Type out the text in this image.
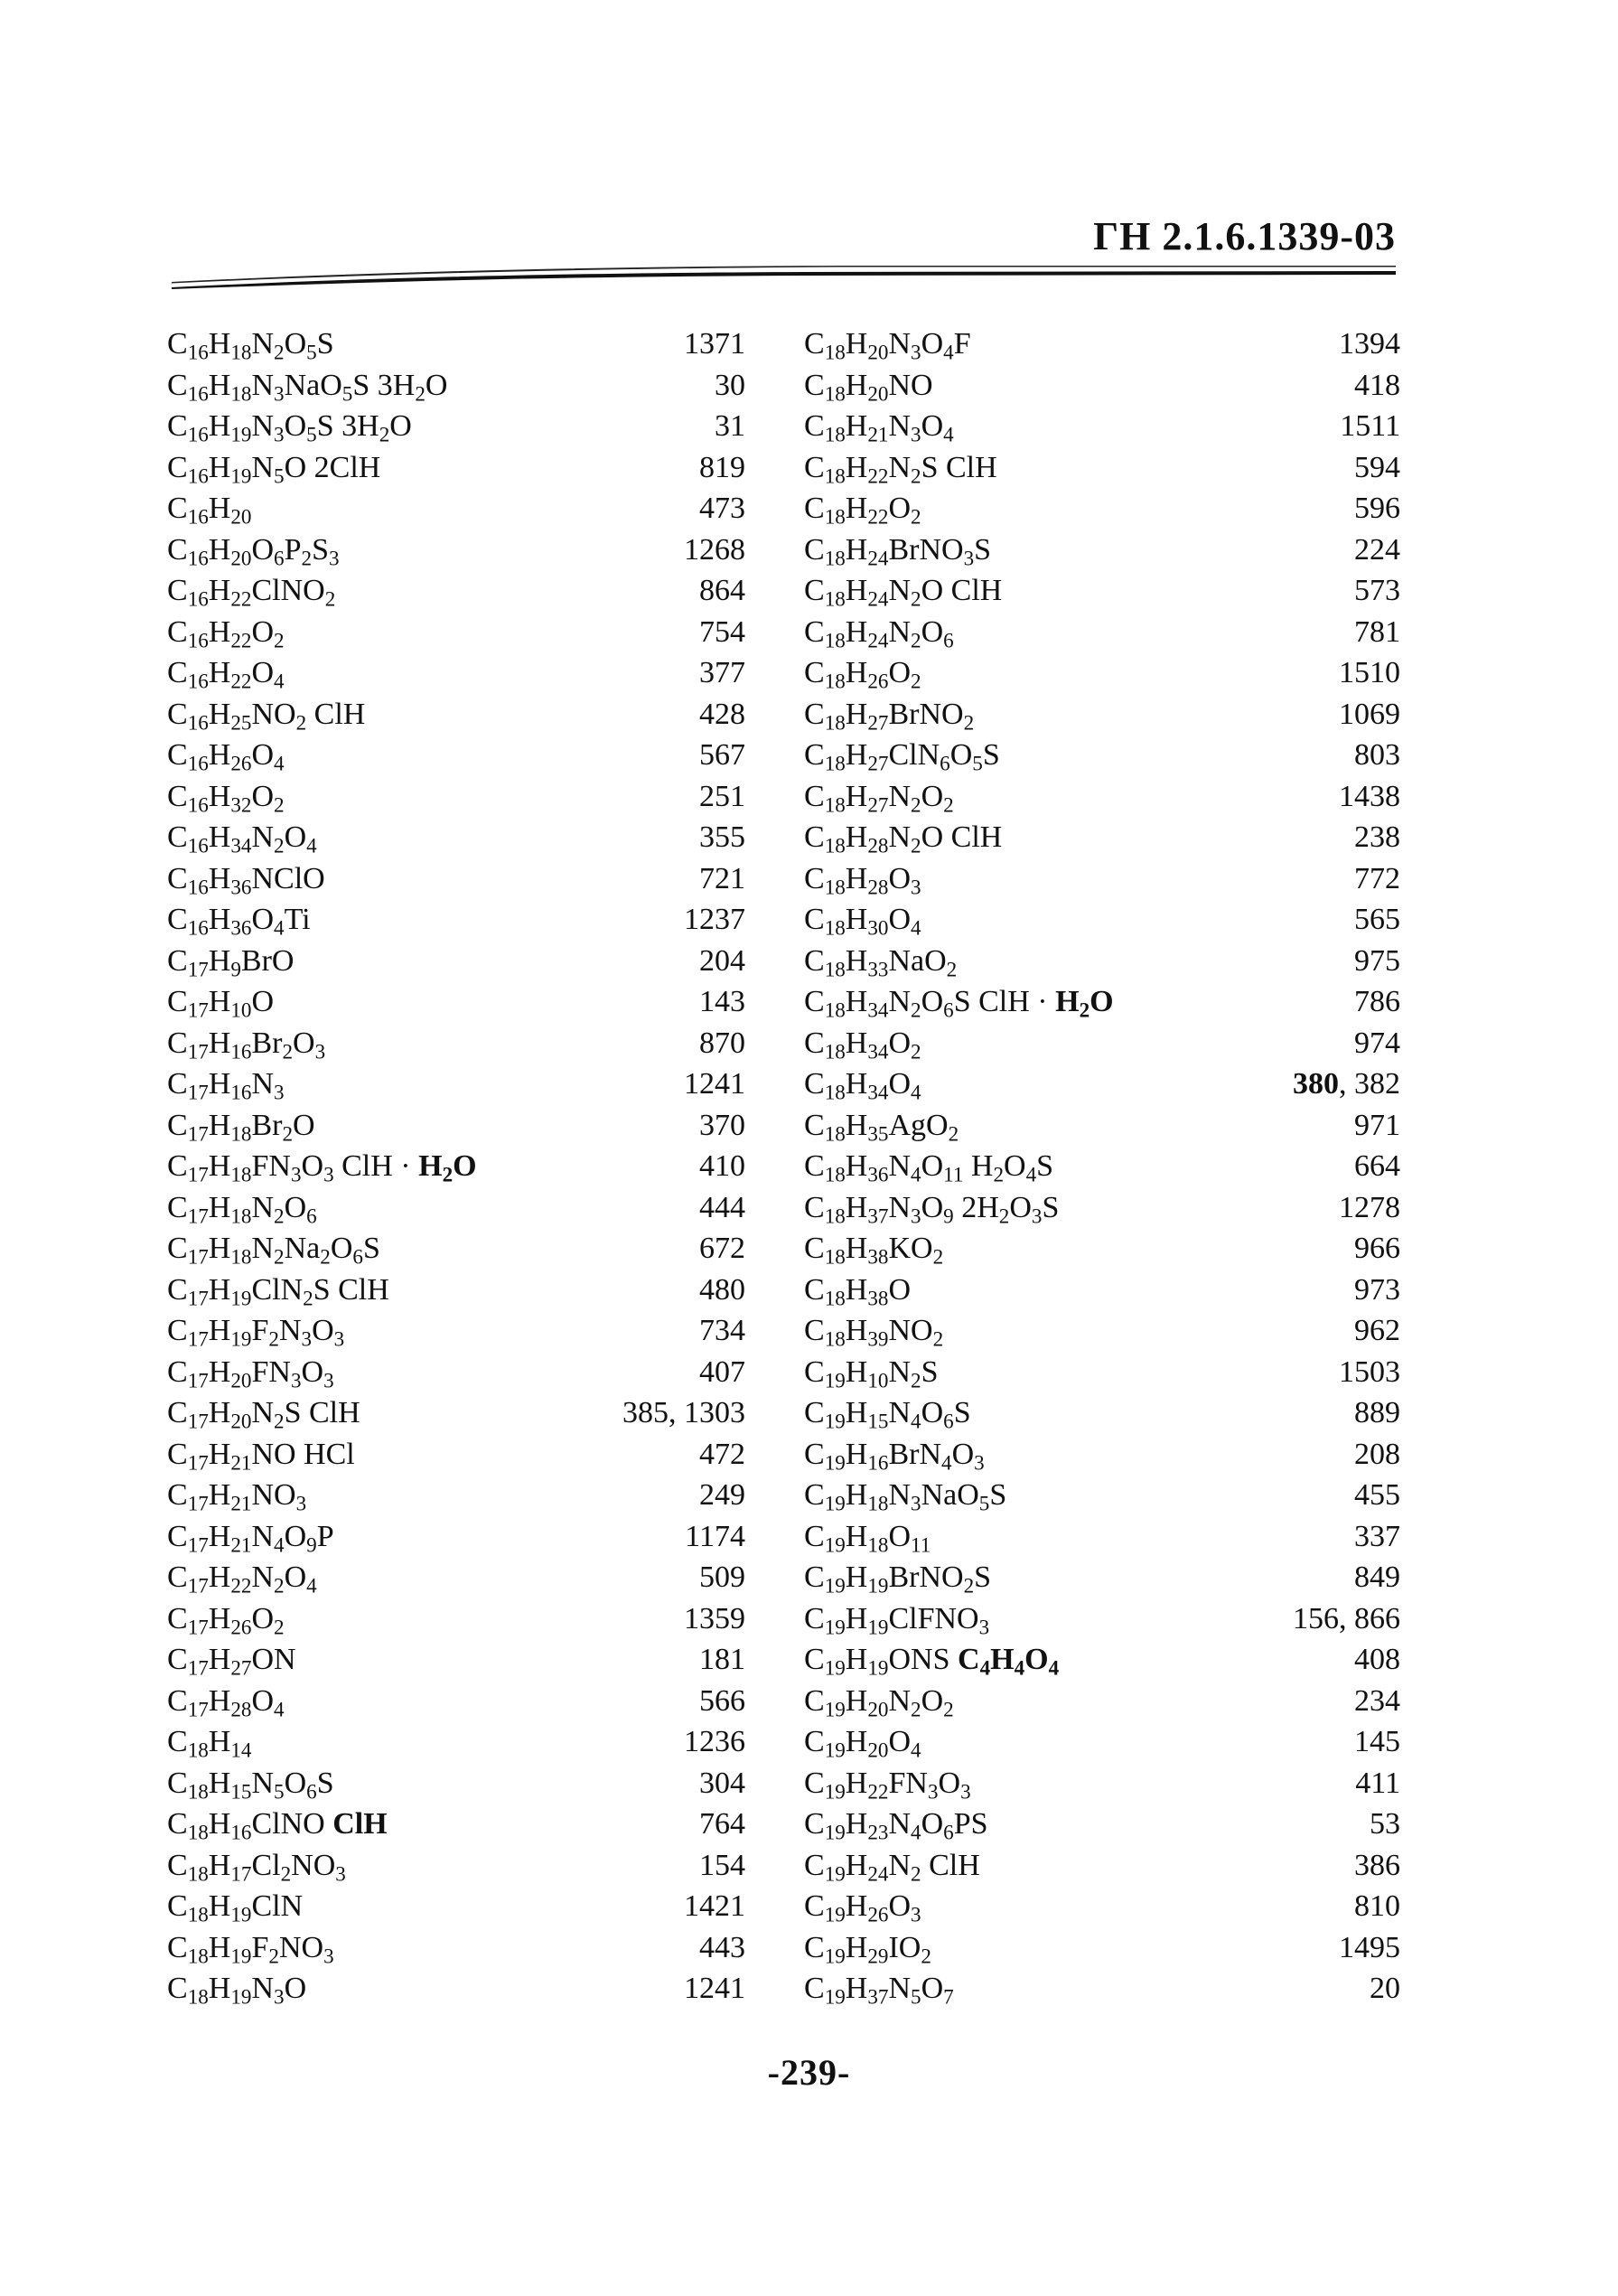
ГН 2.1.6.1339-03
$C_{16}H_{18}N_2O_5S$	1371
$C_{16}H_{18}N_3NaO_5S$ $3H_2O$	30
$C_{16}H_{19}N_3O_5S$ $3H_2O$	31
$C_{16}H_{19}N_5O$ 2ClH	819
$C_{16}H_{20}$	473
$C_{16}H_{20}O_6P_2S_3$	1268
$C_{16}H_{22}ClNO_2$	864
$C_{16}H_{22}O_2$	754
$C_{16}H_{22}O_4$	377
$C_{16}H_{25}NO_2$ ClH	428
$C_{16}H_{26}O_4$	567
$C_{16}H_{32}O_2$	251
$C_{16}H_{34}N_2O_4$	355
$C_{16}H_{36}NClO$	721
$C_{16}H_{36}O_4Ti$	1237
$C_{17}H_9BrO$	204
$C_{17}H_{10}O$	143
$C_{17}H_{16}Br_2O_3$	870
$C_{17}H_{16}N_3$	1241
$C_{17}H_{18}Br_2O$	370
$C_{17}H_{18}FN_3O_3$ ClH · $H_2O$	410
$C_{17}H_{18}N_2O_6$	444
$C_{17}H_{18}N_2Na_2O_6S$	672
$C_{17}H_{19}ClN_2S$ ClH	480
$C_{17}H_{19}F_2N_3O_3$	734
$C_{17}H_{20}FN_3O_3$	407
$C_{17}H_{20}N_2S$ ClH	385, 1303
$C_{17}H_{21}NO$ HCl	472
$C_{17}H_{21}NO_3$	249
$C_{17}H_{21}N_4O_9P$	1174
$C_{17}H_{22}N_2O_4$	509
$C_{17}H_{26}O_2$	1359
$C_{17}H_{27}ON$	181
$C_{17}H_{28}O_4$	566
$C_{18}H_{14}$	1236
$C_{18}H_{15}N_5O_6S$	304
$C_{18}H_{16}ClNO$ ClH	764
$C_{18}H_{17}Cl_2NO_3$	154
$C_{18}H_{19}ClN$	1421
$C_{18}H_{19}F_2NO_3$	443
$C_{18}H_{19}N_3O$	1241
$C_{18}H_{20}N_3O_4F$	1394
$C_{18}H_{20}NO$	418
$C_{18}H_{21}N_3O_4$	1511
$C_{18}H_{22}N_2S$ ClH	594
$C_{18}H_{22}O_2$	596
$C_{18}H_{24}BrNO_3S$	224
$C_{18}H_{24}N_2O$ ClH	573
$C_{18}H_{24}N_2O_6$	781
$C_{18}H_{26}O_2$	1510
$C_{18}H_{27}BrNO_2$	1069
$C_{18}H_{27}ClN_6O_5S$	803
$C_{18}H_{27}N_2O_2$	1438
$C_{18}H_{28}N_2O$ ClH	238
$C_{18}H_{28}O_3$	772
$C_{18}H_{30}O_4$	565
$C_{18}H_{33}NaO_2$	975
$C_{18}H_{34}N_2O_6S$ ClH · $H_2O$	786
$C_{18}H_{34}O_2$	974
$C_{18}H_{34}O_4$	380, 382
$C_{18}H_{35}AgO_2$	971
$C_{18}H_{36}N_4O_{11}$ $H_2O_4S$	664
$C_{18}H_{37}N_3O_9$ $2H_2O_3S$	1278
$C_{18}H_{38}KO_2$	966
$C_{18}H_{38}O$	973
$C_{18}H_{39}NO_2$	962
$C_{19}H_{10}N_2S$	1503
$C_{19}H_{15}N_4O_6S$	889
$C_{19}H_{16}BrN_4O_3$	208
$C_{19}H_{18}N_3NaO_5S$	455
$C_{19}H_{18}O_{11}$	337
$C_{19}H_{19}BrNO_2S$	849
$C_{19}H_{19}ClFNO_3$	156, 866
$C_{19}H_{19}ONS$ $C_4H_4O_4$	408
$C_{19}H_{20}N_2O_2$	234
$C_{19}H_{20}O_4$	145
$C_{19}H_{22}FN_3O_3$	411
$C_{19}H_{23}N_4O_6PS$	53
$C_{19}H_{24}N_2$ ClH	386
$C_{19}H_{26}O_3$	810
$C_{19}H_{29}IO_2$	1495
$C_{19}H_{37}N_5O_7$	20
-239-
